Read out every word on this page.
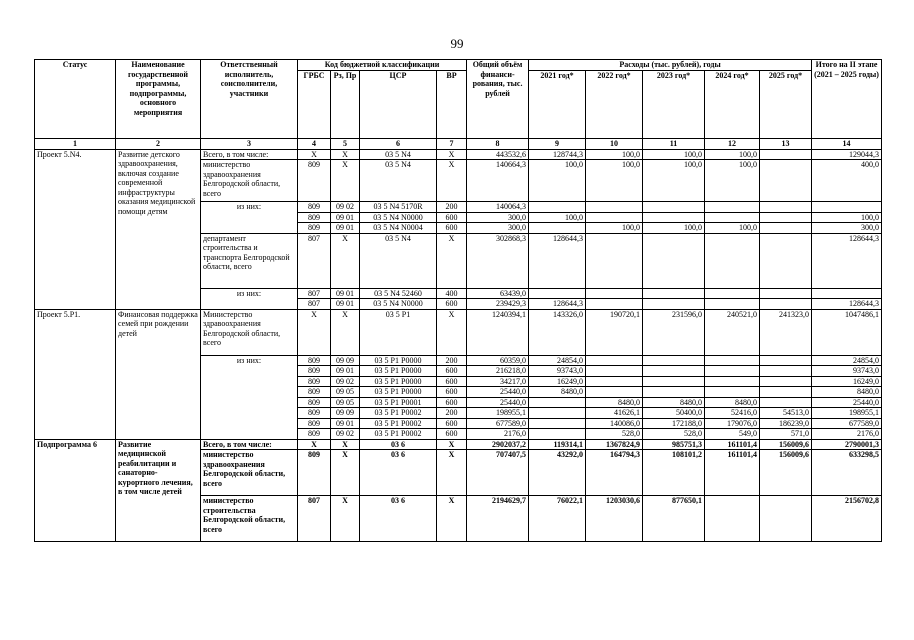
99
Статус	Наименование государственной программы, подпрограммы, основного мероприятия	Ответственный исполнитель, соисполнители, участники	Код бюджетной классификации				Общий объём финанси-рования, тыс. рублей	Расходы (тыс. рублей), годы					Итого на II этапе (2021 – 2025 годы)
			ГРБС	Рз, Пр	ЦСР	ВР		2021 год*	2022 год*	2023 год*	2024 год*	2025 год*	
1	2	3	4	5	6	7	8	9	10	11	12	13	14
Проект 5.N4.	Развитие детского здравоохранения, включая создание современной инфраструктуры оказания медицинской помощи детям	Всего, в том числе:	X	X	03 5 N4	X	443532,6	128744,3	100,0	100,0	100,0		129044,3
		министерство здравоохранения Белгородской области, всего	809	X	03 5 N4	X	140664,3	100,0	100,0	100,0	100,0		400,0
		из них:	809	09 02	03 5 N4 5170R	200	140064,3						
			809	09 01	03 5 N4 N0000	600	300,0	100,0					100,0
			809	09 01	03 5 N4 N0004	600	300,0		100,0	100,0	100,0		300,0
		департамент строительства и транспорта Белгородской области, всего	807	X	03 5 N4	X	302868,3	128644,3					128644,3
		из них:	807	09 01	03 5 N4 52460	400	63439,0						
			807	09 01	03 5 N4 N0000	600	239429,3	128644,3					128644,3
Проект 5.P1.	Финансовая поддержка семей при рождении детей	Министерство здравоохранения Белгородской области, всего	X	X	03 5 P1	X	1240394,1	143326,0	190720,1	231596,0	240521,0	241323,0	1047486,1
		из них:	809	09 09	03 5 P1 P0000	200	60359,0	24854,0					24854,0
			809	09 01	03 5 P1 P0000	600	216218,0	93743,0					93743,0
			809	09 02	03 5 P1 P0000	600	34217,0	16249,0					16249,0
			809	09 05	03 5 P1 P0000	600	25440,0	8480,0					8480,0
			809	09 05	03 5 P1 P0001	600	25440,0		8480,0	8480,0	8480,0		25440,0
			809	09 09	03 5 P1 P0002	200	198955,1		41626,1	50400,0	52416,0	54513,0	198955,1
			809	09 01	03 5 P1 P0002	600	677589,0		140086,0	172188,0	179076,0	186239,0	677589,0
			809	09 02	03 5 P1 P0002	600	2176,0		528,0	528,0	549,0	571,0	2176,0
Подпрограмма 6	Развитие медицинской реабилитации и санаторно-курортного лечения, в том числе детей	Всего, в том числе:	X	X	03 6	X	2902037,2	119314,1	1367824,9	985751,3	161101,4	156009,6	2790001,3
		министерство здравоохранения Белгородской области, всего	809	X	03 6	X	707407,5	43292,0	164794,3	108101,2	161101,4	156009,6	633298,5
		министерство строительства Белгородской области, всего	807	X	03 6	X	2194629,7	76022,1	1203030,6	877650,1			2156702,8
